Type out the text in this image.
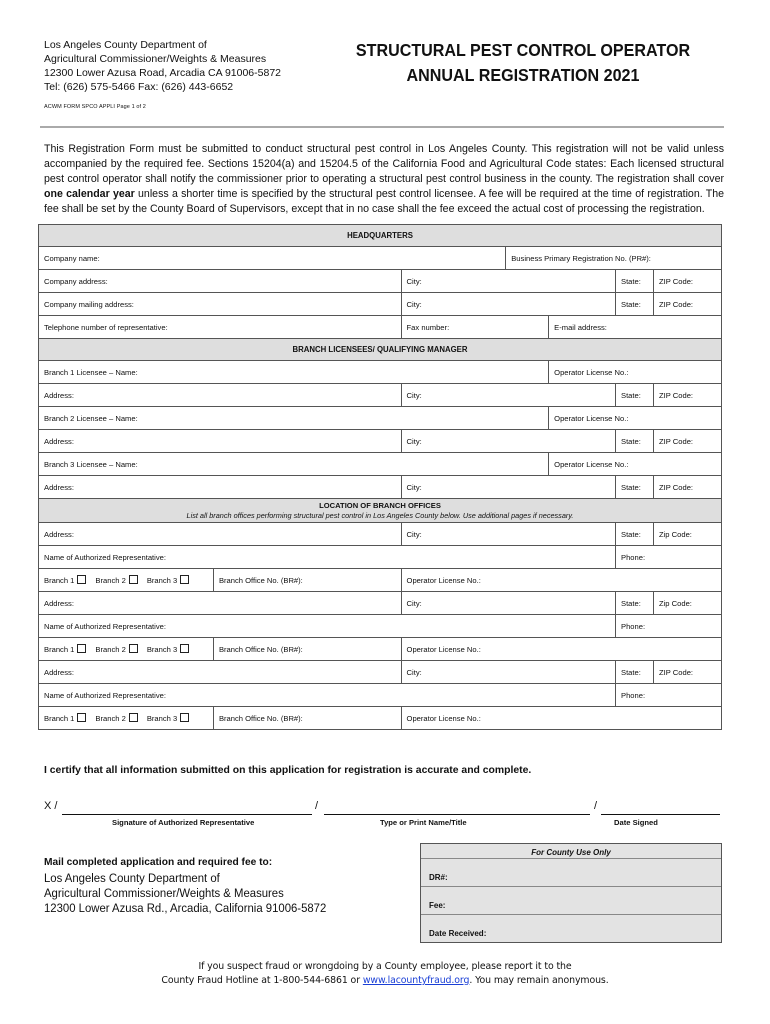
Los Angeles County Department of
Agricultural Commissioner/Weights & Measures
12300 Lower Azusa Road, Arcadia CA 91006-5872
Tel: (626) 575-5466 Fax: (626) 443-6652
ACWM FORM SPCO APPLI Page 1 of 2
STRUCTURAL PEST CONTROL OPERATOR
ANNUAL REGISTRATION 2021

This Registration Form must be submitted to conduct structural pest control in Los Angeles County. This registration will not be valid unless accompanied by the required fee. Sections 15204(a) and 15204.5 of the California Food and Agricultural Code states: Each licensed structural pest control operator shall notify the commissioner prior to operating a structural pest control business in the county. The registration shall cover one calendar year unless a shorter time is specified by the structural pest control licensee. A fee will be required at the time of registration. The fee shall be set by the County Board of Supervisors, except that in no case shall the fee exceed the actual cost of processing the registration.

HEADQUARTERS						
Company name:			Business Primary Registration No. (PR#):			
Company address:		City:			State:	ZIP Code:
Company mailing address:		City:			State:	ZIP Code:
Telephone number of representative:		Fax number:		E-mail address:		
BRANCH LICENSEES/ QUALIFYING MANAGER						
Branch 1 Licensee – Name:				Operator License No.:		
Address:		City:			State:	ZIP Code:
Branch 2 Licensee – Name:				Operator License No.:		
Address:		City:			State:	ZIP Code:
Branch 3 Licensee – Name:				Operator License No.:		
Address:		City:			State:	ZIP Code:

LOCATION OF BRANCH OFFICES
List all branch offices performing structural pest control in Los Angeles County below. Use additional pages if necessary.						

Address:		City:			State:	Zip Code:
Name of Authorized Representative:					Phone:	
Branch 1 Branch 2 Branch 3	Branch Office No. (BR#):	Operator License No.:				
Address:		City:			State:	Zip Code:
Name of Authorized Representative:					Phone:	
Branch 1 Branch 2 Branch 3	Branch Office No. (BR#):	Operator License No.:				
Address:		City:			State:	ZIP Code:
Name of Authorized Representative:					Phone:	
Branch 1 Branch 2 Branch 3	Branch Office No. (BR#):	Operator License No.:				
I certify that all information submitted on this application for registration is accurate and complete.
X /	/	/
Signature of Authorized Representative	Type or Print Name/Title	Date Signed
Mail completed application and required fee to:
Los Angeles County Department of
Agricultural Commissioner/Weights & Measures
12300 Lower Azusa Rd., Arcadia, California 91006-5872
For County Use Only
DR#:
Fee:
Date Received:
If you suspect fraud or wrongdoing by a County employee, please report it to the
County Fraud Hotline at 1-800-544-6861 or www.lacountyfraud.org. You may remain anonymous.
